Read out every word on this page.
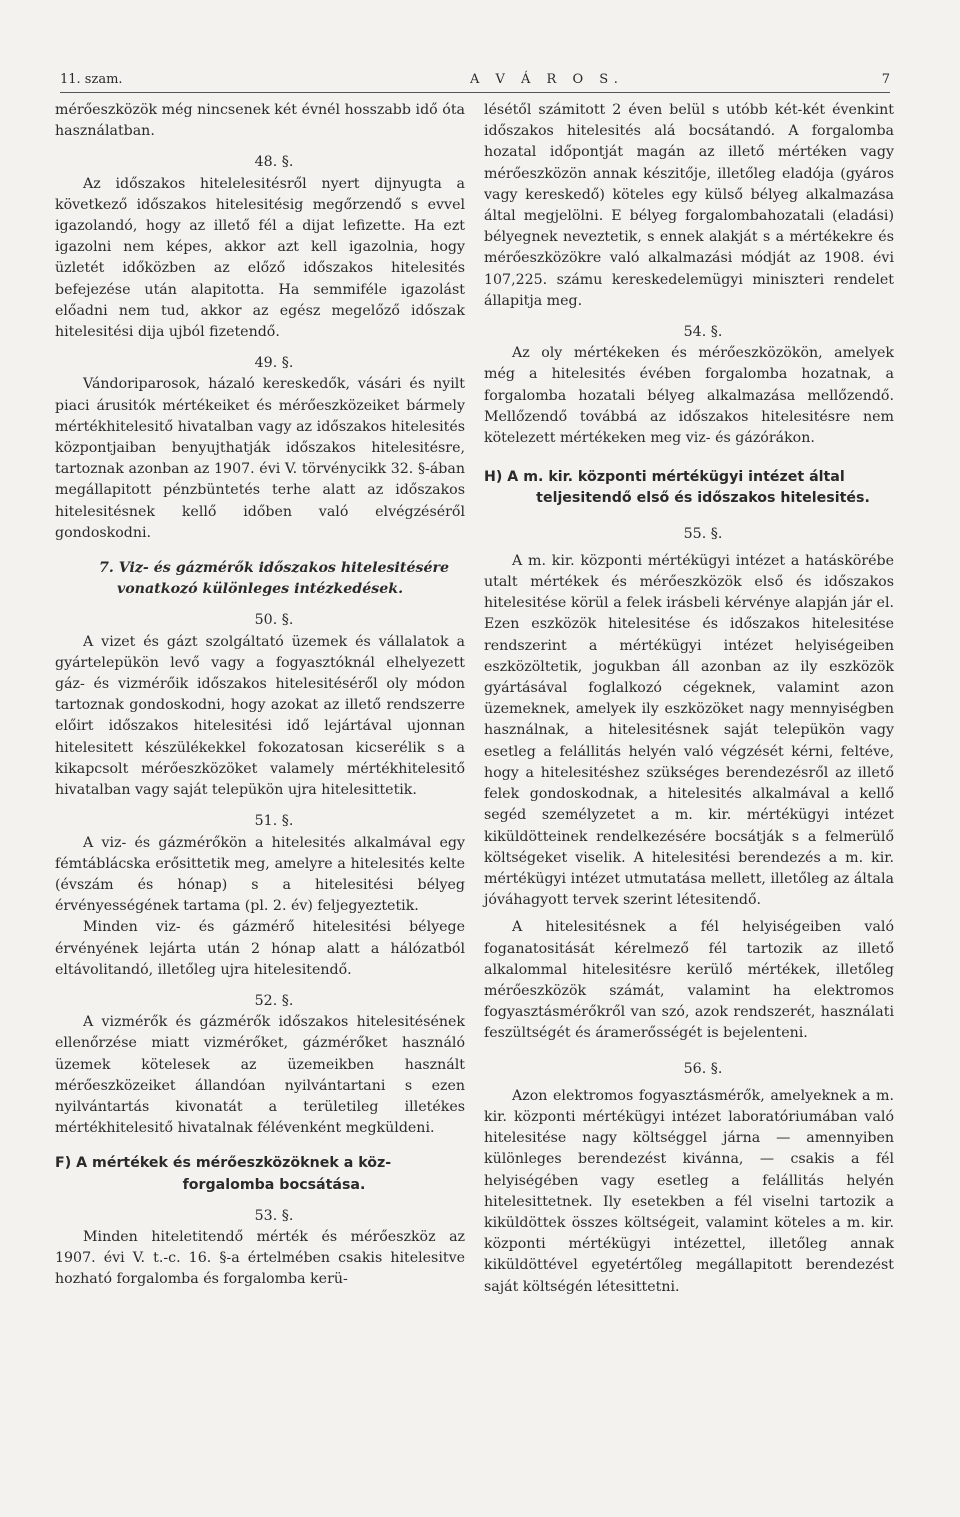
11. szam.	A V Á R O S.	7

mérőeszközök még nincsenek két évnél hosszabb idő óta használatban.

48. §.

Az időszakos hitelelesitésről nyert dijnyugta a következő időszakos hitelesitésig megőrzendő s evvel igazolandó, hogy az illető fél a dijat lefizette. Ha ezt igazolni nem képes, akkor azt kell igazolnia, hogy üzletét időközben az előző időszakos hitelesités befejezése után alapitotta. Ha semmiféle igazolást előadni nem tud, akkor az egész megelőző időszak hitelesitési dija ujból fizetendő.

49. §.

Vándoriparosok, házaló kereskedők, vásári és nyilt piaci árusitók mértékeiket és mérőeszközeiket bármely mértékhitelesitő hivatalban vagy az időszakos hitelesités központjaiban benyujthatják időszakos hitelesitésre, tartoznak azonban az 1907. évi V. törvénycikk 32. §-ában megállapitott pénzbüntetés terhe alatt az időszakos hitelesitésnek kellő időben való elvégzéséről gondoskodni.

7. Viz- és gázmérők időszakos hitelesitésére vonatkozó különleges intézkedések.

50. §.

A vizet és gázt szolgáltató üzemek és vállalatok a gyártelepükön levő vagy a fogyasztóknál elhelyezett gáz- és vizmérőik időszakos hitelesitéséről oly módon tartoznak gondoskodni, hogy azokat az illető rendszerre előirt időszakos hitelesitési idő lejártával ujonnan hitelesitett készülékekkel fokozatosan kicserélik s a kikapcsolt mérőeszközöket valamely mértékhitelesitő hivatalban vagy saját telepükön ujra hitelesittetik.

51. §.

A viz- és gázmérőkön a hitelesités alkalmával egy fémtáblácska erősittetik meg, amelyre a hitelesités kelte (évszám és hónap) s a hitelesitési bélyeg érvényességének tartama (pl. 2. év) feljegyeztetik.

Minden viz- és gázmérő hitelesitési bélyege érvényének lejárta után 2 hónap alatt a hálózatból eltávolitandó, illetőleg ujra hitelesitendő.

52. §.

A vizmérők és gázmérők időszakos hitelesitésének ellenőrzése miatt vizmérőket, gázmérőket használó üzemek kötelesek az üzemeikben használt mérőeszközeiket állandóan nyilvántartani s ezen nyilvántartás kivonatát a területileg illetékes mértékhitelesitő hivatalnak félévenként megküldeni.

F) A mértékek és mérőeszközöknek a köz-
forgalomba bocsátása.

53. §.

Minden hiteletitendő mérték és mérőeszköz az 1907. évi V. t.-c. 16. §-a értelmében csakis hitelesitve hozható forgalomba és forgalomba kerü-

lésétől számitott 2 éven belül s utóbb két-két évenkint időszakos hitelesités alá bocsátandó. A forgalomba hozatal időpontját magán az illető mértéken vagy mérőeszközön annak készitője, illetőleg eladója (gyáros vagy kereskedő) köteles egy külső bélyeg alkalmazása által megjelölni. E bélyeg forgalombahozatali (eladási) bélyegnek neveztetik, s ennek alakját s a mértékekre és mérőeszközökre való alkalmazási módját az 1908. évi 107,225. számu kereskedelemügyi miniszteri rendelet állapitja meg.

54. §.

Az oly mértékeken és mérőeszközökön, amelyek még a hitelesités évében forgalomba hozatnak, a forgalomba hozatali bélyeg alkalmazása mellőzendő. Mellőzendő továbbá az időszakos hitelesitésre nem kötelezett mértékeken meg viz- és gázórákon.

H) A m. kir. központi mértékügyi intézet által
teljesitendő első és időszakos hitelesités.

55. §.

A m. kir. központi mértékügyi intézet a hatáskörébe utalt mértékek és mérőeszközök első és időszakos hitelesitése körül a felek irásbeli kérvénye alapján jár el. Ezen eszközök hitelesitése és időszakos hitelesitése rendszerint a mértékügyi intézet helyiségeiben eszközöltetik, jogukban áll azonban az ily eszközök gyártásával foglalkozó cégeknek, valamint azon üzemeknek, amelyek ily eszközöket nagy mennyiségben használnak, a hitelesitésnek saját telepükön vagy esetleg a felállitás helyén való végzését kérni, feltéve, hogy a hitelesitéshez szükséges berendezésről az illető felek gondoskodnak, a hitelesités alkalmával a kellő segéd személyzetet a m. kir. mértékügyi intézet kiküldötteinek rendelkezésére bocsátják s a felmerülő költségeket viselik. A hitelesitési berendezés a m. kir. mértékügyi intézet utmutatása mellett, illetőleg az általa jóváhagyott tervek szerint létesitendő.

A hitelesitésnek a fél helyiségeiben való foganatositását kérelmező fél tartozik az illető alkalommal hitelesitésre kerülő mértékek, illetőleg mérőeszközök számát, valamint ha elektromos fogyasztásmérőkről van szó, azok rendszerét, használati feszültségét és áramerősségét is bejelenteni.

56. §.

Azon elektromos fogyasztásmérők, amelyeknek a m. kir. központi mértékügyi intézet laboratóriumában való hitelesitése nagy költséggel járna — amennyiben különleges berendezést kivánna, — csakis a fél helyiségében vagy esetleg a felállitás helyén hitelesittetnek. Ily esetekben a fél viselni tartozik a kiküldöttek összes költségeit, valamint köteles a m. kir. központi mértékügyi intézettel, illetőleg annak kiküldöttével egyetértőleg megállapitott berendezést saját költségén létesittetni.
